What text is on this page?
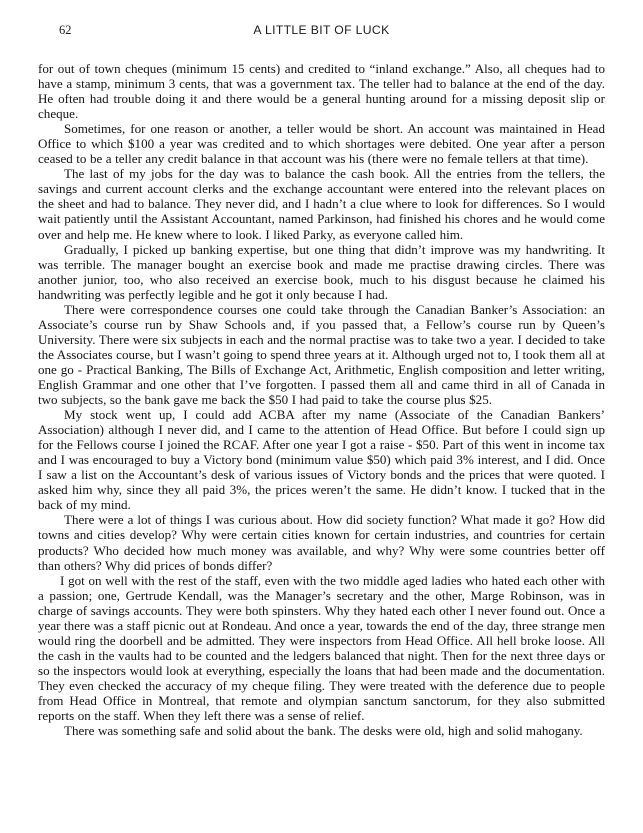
62	A LITTLE BIT OF LUCK

for out of town cheques (minimum 15 cents) and credited to “inland exchange.” Also, all cheques had to have a stamp, minimum 3 cents, that was a government tax. The teller had to balance at the end of the day. He often had trouble doing it and there would be a general hunting around for a missing deposit slip or cheque.

Sometimes, for one reason or another, a teller would be short. An account was maintained in Head Office to which $100 a year was credited and to which shortages were debited. One year after a person ceased to be a teller any credit balance in that account was his (there were no female tellers at that time).

The last of my jobs for the day was to balance the cash book. All the entries from the tellers, the savings and current account clerks and the exchange accountant were entered into the relevant places on the sheet and had to balance. They never did, and I hadn’t a clue where to look for differences. So I would wait patiently until the Assistant Accountant, named Parkinson, had finished his chores and he would come over and help me. He knew where to look. I liked Parky, as everyone called him.

Gradually, I picked up banking expertise, but one thing that didn’t improve was my handwriting. It was terrible. The manager bought an exercise book and made me practise drawing circles. There was another junior, too, who also received an exercise book, much to his disgust because he claimed his handwriting was perfectly legible and he got it only because I had.

There were correspondence courses one could take through the Canadian Banker’s Association: an Associate’s course run by Shaw Schools and, if you passed that, a Fellow’s course run by Queen’s University. There were six subjects in each and the normal practise was to take two a year. I decided to take the Associates course, but I wasn’t going to spend three years at it. Although urged not to, I took them all at one go - Practical Banking, The Bills of Exchange Act, Arithmetic, English composition and letter writing, English Grammar and one other that I’ve forgotten. I passed them all and came third in all of Canada in two subjects, so the bank gave me back the $50 I had paid to take the course plus $25.

My stock went up, I could add ACBA after my name (Associate of the Canadian Bankers’ Association) although I never did, and I came to the attention of Head Office. But before I could sign up for the Fellows course I joined the RCAF. After one year I got a raise - $50. Part of this went in income tax and I was encouraged to buy a Victory bond (minimum value $50) which paid 3% interest, and I did. Once I saw a list on the Accountant’s desk of various issues of Victory bonds and the prices that were quoted. I asked him why, since they all paid 3%, the prices weren’t the same. He didn’t know. I tucked that in the back of my mind.

There were a lot of things I was curious about. How did society function? What made it go? How did towns and cities develop? Why were certain cities known for certain industries, and countries for certain products? Who decided how much money was available, and why? Why were some countries better off than others? Why did prices of bonds differ?

I got on well with the rest of the staff, even with the two middle aged ladies who hated each other with a passion; one, Gertrude Kendall, was the Manager’s secretary and the other, Marge Robinson, was in charge of savings accounts. They were both spinsters. Why they hated each other I never found out. Once a year there was a staff picnic out at Rondeau. And once a year, towards the end of the day, three strange men would ring the doorbell and be admitted. They were inspectors from Head Office. All hell broke loose. All the cash in the vaults had to be counted and the ledgers balanced that night. Then for the next three days or so the inspectors would look at everything, especially the loans that had been made and the documentation. They even checked the accuracy of my cheque filing. They were treated with the deference due to people from Head Office in Montreal, that remote and olympian sanctum sanctorum, for they also submitted reports on the staff. When they left there was a sense of relief.

There was something safe and solid about the bank. The desks were old, high and solid mahogany.
